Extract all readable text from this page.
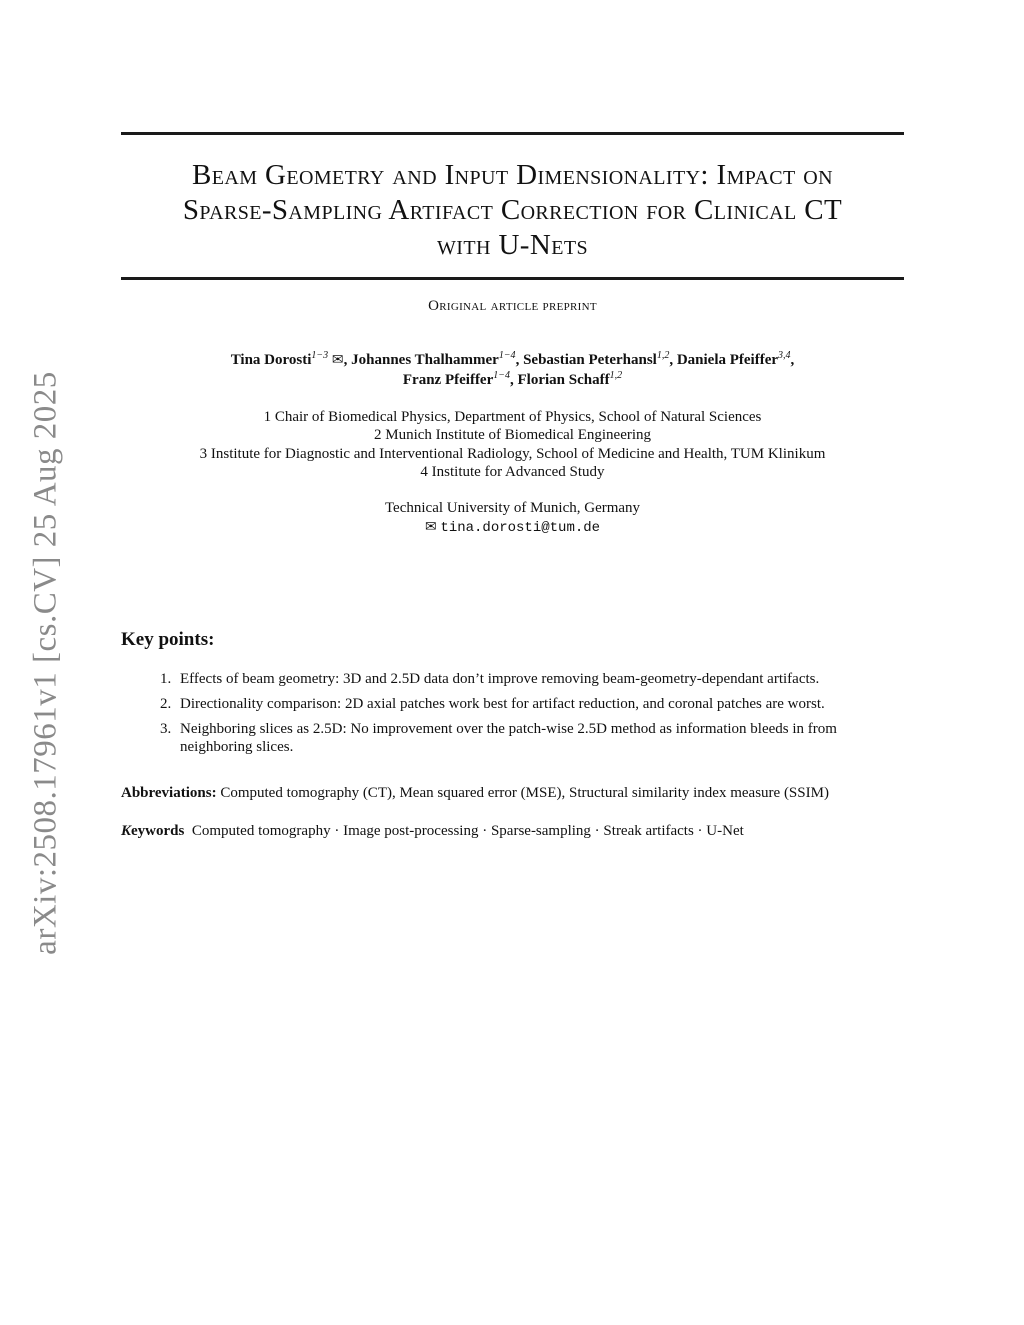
arXiv:2508.17961v1 [cs.CV] 25 Aug 2025
Beam Geometry and Input Dimensionality: Impact on
Sparse-Sampling Artifact Correction for Clinical CT
with U-Nets
Original article preprint
Tina Dorosti$^{1-3}$ ✉, Johannes Thalhammer$^{1-4}$, Sebastian Peterhansl$^{1,2}$, Daniela Pfeiffer$^{3,4}$,
Franz Pfeiffer$^{1-4}$, Florian Schaff$^{1,2}$
1 Chair of Biomedical Physics, Department of Physics, School of Natural Sciences
2 Munich Institute of Biomedical Engineering
3 Institute for Diagnostic and Interventional Radiology, School of Medicine and Health, TUM Klinikum
4 Institute for Advanced Study
Technical University of Munich, Germany
✉ tina.dorosti@tum.de
Key points:
1. Effects of beam geometry: 3D and 2.5D data don’t improve removing beam-geometry-dependant artifacts.
2. Directionality comparison: 2D axial patches work best for artifact reduction, and coronal patches are worst.
3. Neighboring slices as 2.5D: No improvement over the patch-wise 2.5D method as information bleeds in from neighboring slices.
Abbreviations: Computed tomography (CT), Mean squared error (MSE), Structural similarity index measure (SSIM)
Keywords Computed tomography · Image post-processing · Sparse-sampling · Streak artifacts · U-Net
